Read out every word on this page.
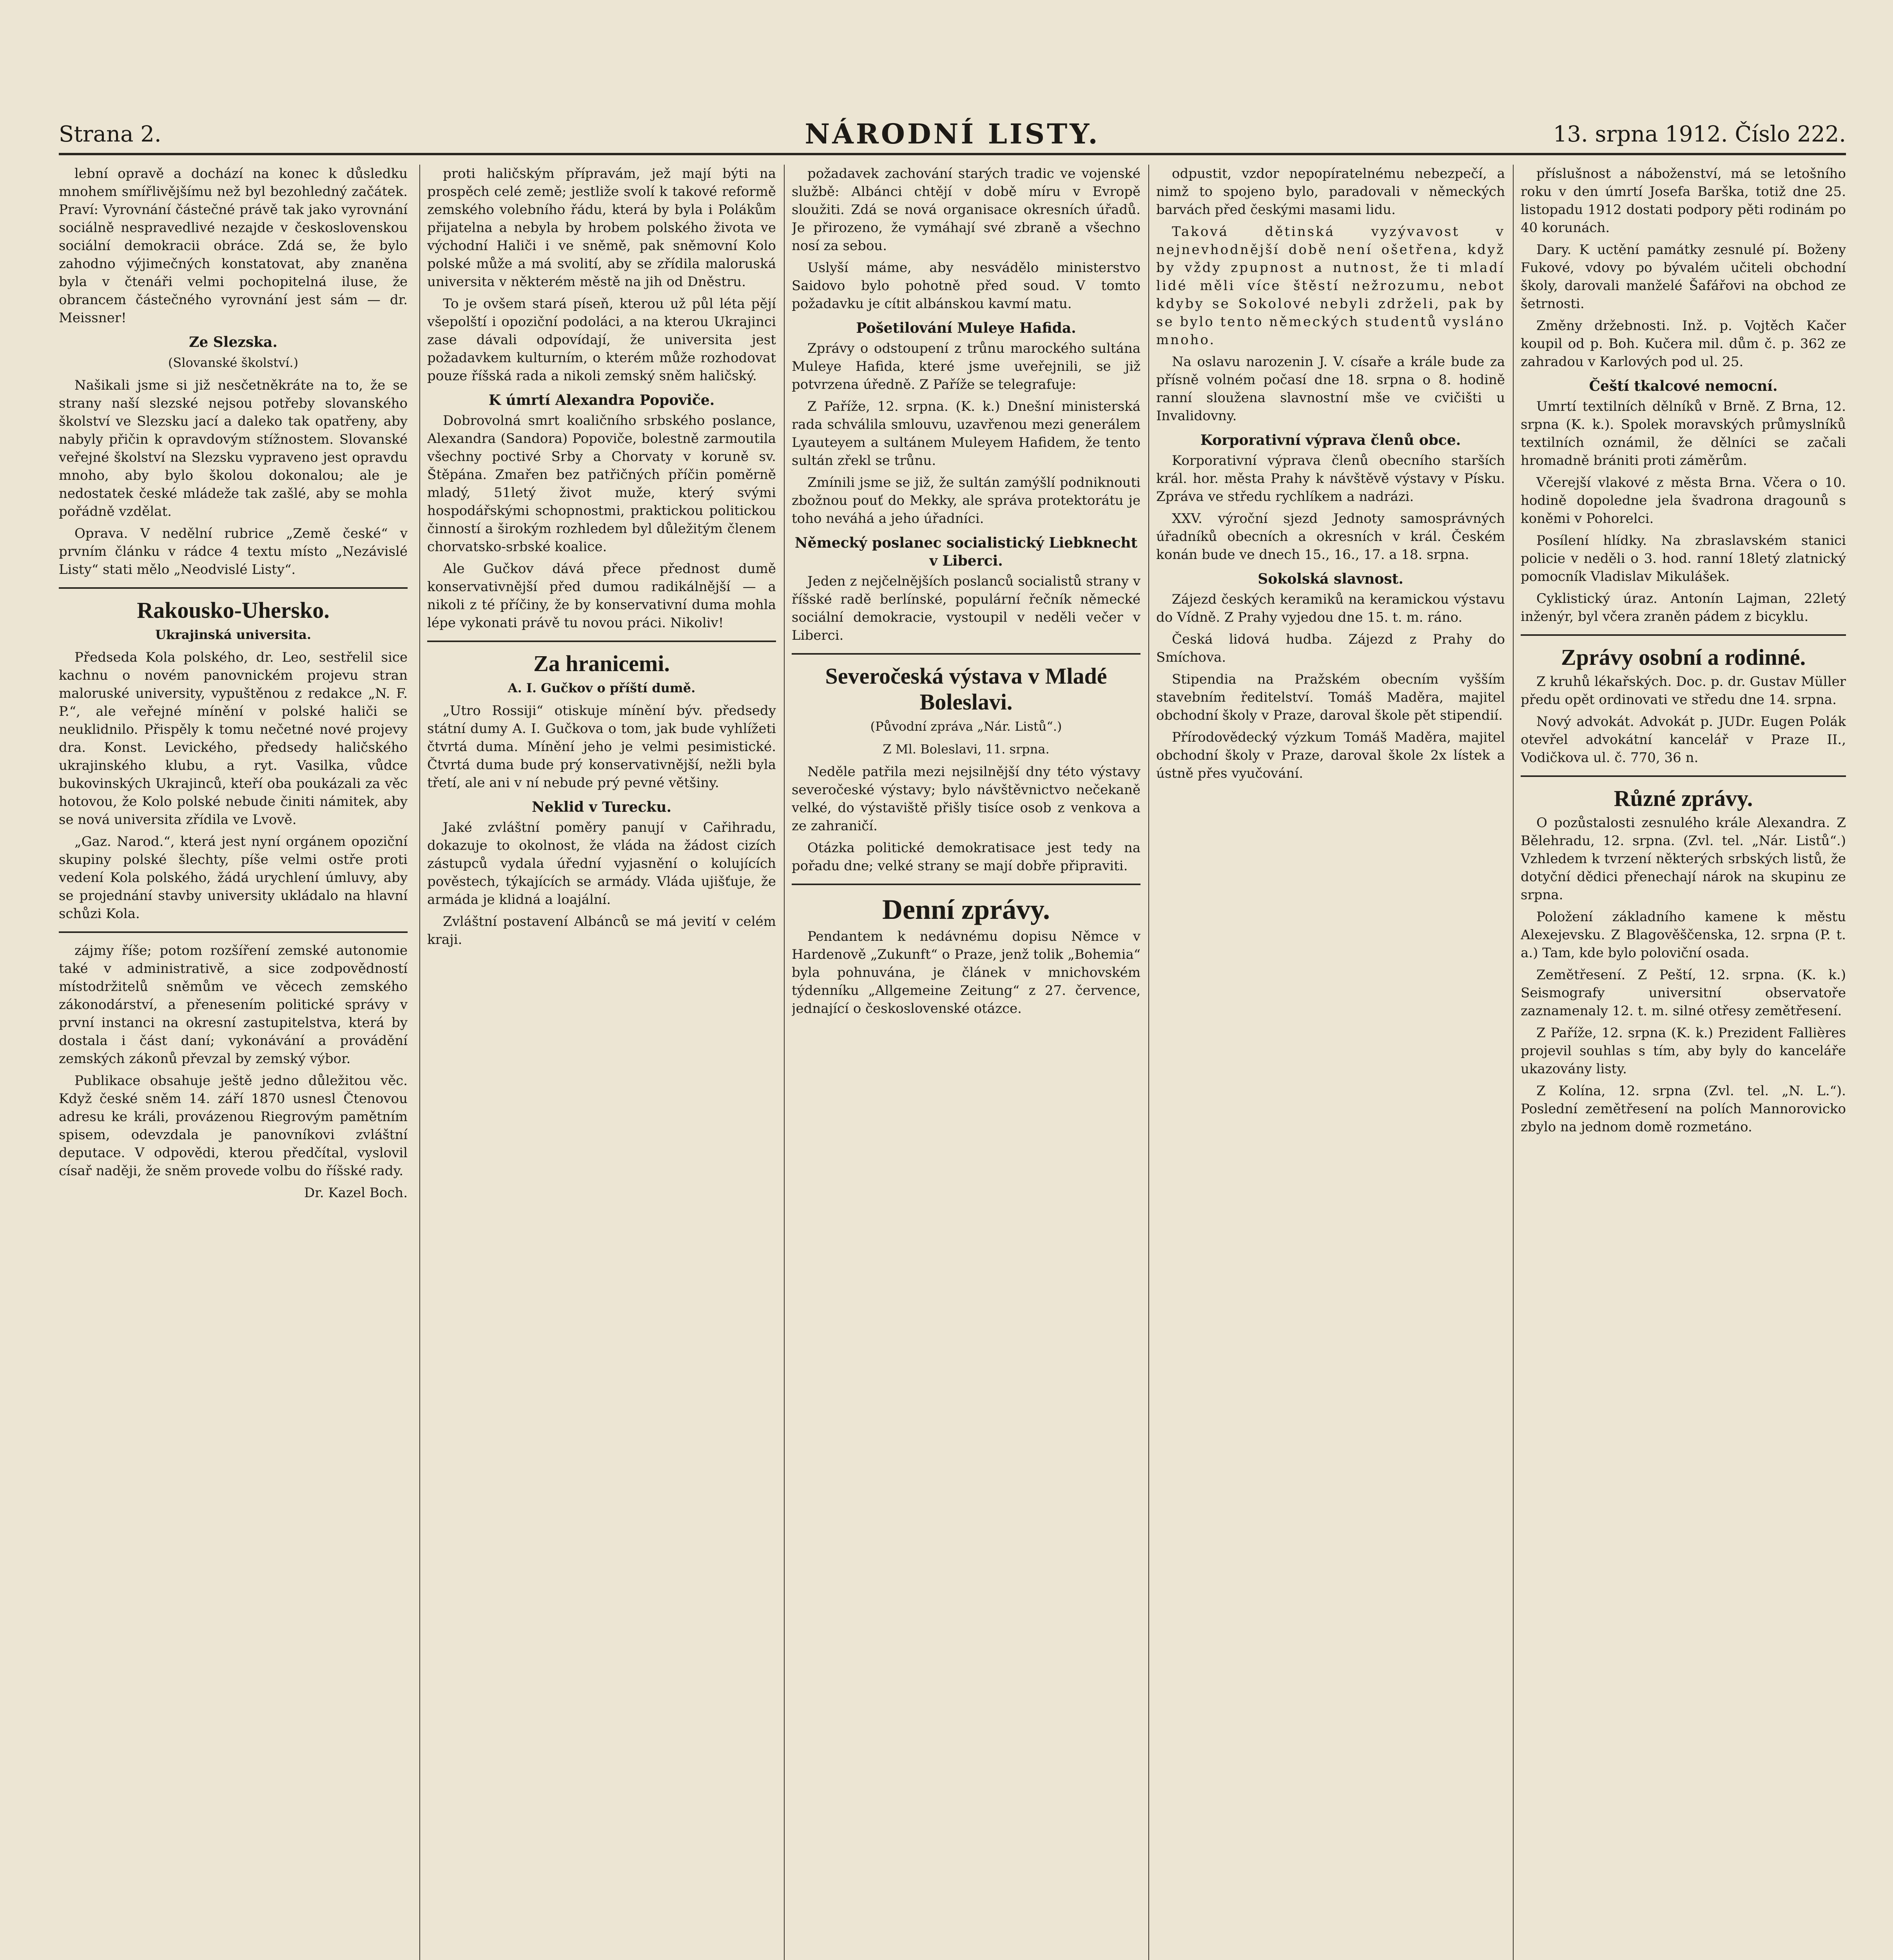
Strana 2.	NÁRODNÍ LISTY.	13. srpna 1912. Číslo 222.

lební opravě a dochází na konec k důsledku mnohem smířlivějšímu než byl bezohledný začátek. Praví: Vyrovnání částečné právě tak jako vyrovnání sociálně nespravedlivé nezajde v československou sociální demokracii obráce. Zdá se, že bylo zahodno výjimečných konstatovat, aby znaněna byla v čtenáři velmi pochopitelná iluse, že obrancem částečného vyrovnání jest sám — dr. Meissner!

Ze Slezska.
(Slovanské školství.)

Našikali jsme si již nesčetněkráte na to, že se strany naší slezské nejsou potřeby slovanského školství ve Slezsku jací a daleko tak opatřeny, aby nabyly přičin k opravdovým stížnostem. Slovanské veřejné školství na Slezsku vypraveno jest opravdu mnoho, aby bylo školou dokonalou; ale je nedostatek české mládeže tak zašlé, aby se mohla pořádně vzdělat.

Oprava. V nedělní rubrice „Země české“ v prvním článku v rádce 4 textu místo „Nezávislé Listy“ stati mělo „Neodvislé Listy“.

Rakousko-Uhersko.
Ukrajinská universita.

Předseda Kola polského, dr. Leo, sestřelil sice kachnu o novém panovnickém projevu stran maloruské university, vypuštěnou z redakce „N. F. P.“, ale veřejné mínění v polské haliči se neuklidnilo. Přispěly k tomu nečetné nové projevy dra. Konst. Levického, předsedy haličského ukrajinského klubu, a ryt. Vasilka, vůdce bukovinských Ukrajinců, kteří oba poukázali za věc hotovou, že Kolo polské nebude činiti námitek, aby se nová universita zřídila ve Lvově.

„Gaz. Narod.“, která jest nyní orgánem opoziční skupiny polské šlechty, píše velmi ostře proti vedení Kola polského, žádá urychlení úmluvy, aby se projednání stavby university ukládalo na hlavní schůzi Kola.

zájmy říše; potom rozšíření zemské autonomie také v administrativě, a sice zodpovědností místodržitelů sněmům ve věcech zemského zákonodárství, a přenesením politické správy v první instanci na okresní zastupitelstva, která by dostala i část daní; vykonávání a provádění zemských zákonů převzal by zemský výbor.

Publikace obsahuje ještě jedno důležitou věc. Když české sněm 14. září 1870 usnesl Čtenovou adresu ke králi, provázenou Riegrovým pamětním spisem, odevzdala je panovníkovi zvláštní deputace. V odpovědi, kterou předčítal, vyslovil císař naději, že sněm provede volbu do říšské rady.

Dr. Kazel Boch.

proti haličským přípravám, jež mají býti na prospěch celé země; jestliže svolí k takové reformě zemského volebního řádu, která by byla i Polákům přijatelna a nebyla by hrobem polského života ve východní Haliči i ve sněmě, pak sněmovní Kolo polské může a má svolití, aby se zřídila maloruská universita v některém městě na jih od Dněstru.

To je ovšem stará píseň, kterou už půl léta pějí všepolští i opoziční podoláci, a na kterou Ukrajinci zase dávali odpovídají, že universita jest požadavkem kulturním, o kterém může rozhodovat pouze říšská rada a nikoli zemský sněm haličský.

K úmrtí Alexandra Popoviče.

Dobrovolná smrt koaličního srbského poslance, Alexandra (Sandora) Popoviče, bolestně zarmoutila všechny poctivé Srby a Chorvaty v koruně sv. Štěpána. Zmařen bez patřičných příčin poměrně mladý, 51letý život muže, který svými hospodářskými schopnostmi, praktickou politickou činností a širokým rozhledem byl důležitým členem chorvatsko-srbské koalice.

Ale Gučkov dává přece přednost dumě konservativnější před dumou radikálnější — a nikoli z té příčiny, že by konservativní duma mohla lépe vykonati právě tu novou práci. Nikoliv!

Za hranicemi.
A. I. Gučkov o příští dumě.

„Utro Rossiji“ otiskuje mínění býv. předsedy státní dumy A. I. Gučkova o tom, jak bude vyhlížeti čtvrtá duma. Mínění jeho je velmi pesimistické. Čtvrtá duma bude prý konservativnější, nežli byla třetí, ale ani v ní nebude prý pevné většiny.

Neklid v Turecku.

Jaké zvláštní poměry panují v Cařihradu, dokazuje to okolnost, že vláda na žádost cizích zástupců vydala úřední vyjasnění o kolujících pověstech, týkajících se armády. Vláda ujišťuje, že armáda je klidná a loajální.

Zvláštní postavení Albánců se má jevití v celém kraji.

požadavek zachování starých tradic ve vojenské službě: Albánci chtějí v době míru v Evropě sloužiti. Zdá se nová organisace okresních úřadů. Je přirozeno, že vymáhají své zbraně a všechno nosí za sebou.

Uslyší máme, aby nesvádělo ministerstvo Saidovo bylo pohotně před soud. V tomto požadavku je cítit albánskou kavmí matu.

Pošetilování Muleye Hafida.

Zprávy o odstoupení z trůnu marockého sultána Muleye Hafida, které jsme uveřejnili, se již potvrzena úředně. Z Paříže se telegrafuje:

Z Paříže, 12. srpna. (K. k.) Dnešní ministerská rada schválila smlouvu, uzavřenou mezi generálem Lyauteyem a sultánem Muleyem Hafidem, že tento sultán zřekl se trůnu.

Zmínili jsme se již, že sultán zamýšlí podniknouti zbožnou pouť do Mekky, ale správa protektorátu je toho neváhá a jeho úřadníci.

Německý poslanec socialistický Liebknecht v Liberci.

Jeden z nejčelnějších poslanců socialistů strany v říšské radě berlínské, populární řečník německé sociální demokracie, vystoupil v neděli večer v Liberci.

Severočeská výstava v Mladé Boleslavi.
(Původní zpráva „Nár. Listů“.)
Z Ml. Boleslavi, 11. srpna.

Neděle patřila mezi nejsilnější dny této výstavy severočeské výstavy; bylo návštěvnictvo nečekaně velké, do výstaviště přišly tisíce osob z venkova a ze zahraničí.

Otázka politické demokratisace jest tedy na pořadu dne; velké strany se mají dobře připraviti.

Denní zprávy.

Pendantem k nedávnému dopisu Němce v Hardenově „Zukunft“ o Praze, jenž tolik „Bohemia“ byla pohnuvána, je článek v mnichovském týdenníku „Allgemeine Zeitung“ z 27. července, jednající o československé otázce.

odpustit, vzdor nepopíratelnému nebezpečí, a nimž to spojeno bylo, paradovali v německých barvách před českými masami lidu.

Taková dětinská vyzývavost v nejnevhodnější době není ošetřena, když by vždy zpupnost a nutnost, že ti mladí lidé měli více štěstí nežrozumu, nebot kdyby se Sokolové nebyli zdrželi, pak by se bylo tento německých studentů vysláno mnoho.

Na oslavu narozenin J. V. císaře a krále bude za přísně volném počasí dne 18. srpna o 8. hodině ranní sloužena slavnostní mše ve cvičišti u Invalidovny.

Korporativní výprava členů obce.

Korporativní výprava členů obecního starších král. hor. města Prahy k návštěvě výstavy v Písku. Zpráva ve středu rychlíkem a nadrázi.

XXV. výroční sjezd Jednoty samosprávných úřadníků obecních a okresních v král. Českém konán bude ve dnech 15., 16., 17. a 18. srpna.

Sokolská slavnost.

Zájezd českých keramiků na keramickou výstavu do Vídně. Z Prahy vyjedou dne 15. t. m. ráno.

Česká lidová hudba. Zájezd z Prahy do Smíchova.

Stipendia na Pražském obecním vyšším stavebním ředitelství. Tomáš Maděra, majitel obchodní školy v Praze, daroval škole pět stipendií.

Přírodovědecký výzkum Tomáš Maděra, majitel obchodní školy v Praze, daroval škole 2x lístek a ústně přes vyučování.

příslušnost a náboženství, má se letošního roku v den úmrtí Josefa Barška, totiž dne 25. listopadu 1912 dostati podpory pěti rodinám po 40 korunách.

Dary. K uctění památky zesnulé pí. Boženy Fukové, vdovy po bývalém učiteli obchodní školy, darovali manželé Šafářovi na obchod ze šetrnosti.

Změny držebnosti. Inž. p. Vojtěch Kačer koupil od p. Boh. Kučera mil. dům č. p. 362 ze zahradou v Karlových pod ul. 25.

Čeští tkalcové nemocní.

Umrtí textilních dělníků v Brně. Z Brna, 12. srpna (K. k.). Spolek moravských průmyslníků textilních oznámil, že dělníci se začali hromadně brániti proti záměrům.

Včerejší vlakové z města Brna. Včera o 10. hodině dopoledne jela švadrona dragounů s koněmi v Pohorelci.

Posílení hlídky. Na zbraslavském stanici policie v neděli o 3. hod. ranní 18letý zlatnický pomocník Vladislav Mikulášek.

Cyklistický úraz. Antonín Lajman, 22letý inženýr, byl včera zraněn pádem z bicyklu.

Zprávy osobní a rodinné.

Z kruhů lékařských. Doc. p. dr. Gustav Müller předu opět ordinovati ve středu dne 14. srpna.

Nový advokát. Advokát p. JUDr. Eugen Polák otevřel advokátní kancelář v Praze II., Vodičkova ul. č. 770, 36 n.

Různé zprávy.

O pozůstalosti zesnulého krále Alexandra. Z Bělehradu, 12. srpna. (Zvl. tel. „Nár. Listů“.) Vzhledem k tvrzení některých srbských listů, že dotyční dědici přenechají nárok na skupinu ze srpna.

Položení základního kamene k městu Alexejevsku. Z Blagověščenska, 12. srpna (P. t. a.) Tam, kde bylo poloviční osada.

Zemětřesení. Z Peští, 12. srpna. (K. k.) Seismografy universitní observatoře zaznamenaly 12. t. m. silné otřesy zemětřesení.

Z Paříže, 12. srpna (K. k.) Prezident Fallières projevil souhlas s tím, aby byly do kanceláře ukazovány listy.

Z Kolína, 12. srpna (Zvl. tel. „N. L.“). Poslední zemětřesení na polích Mannorovicko zbylo na jednom domě rozmetáno.
